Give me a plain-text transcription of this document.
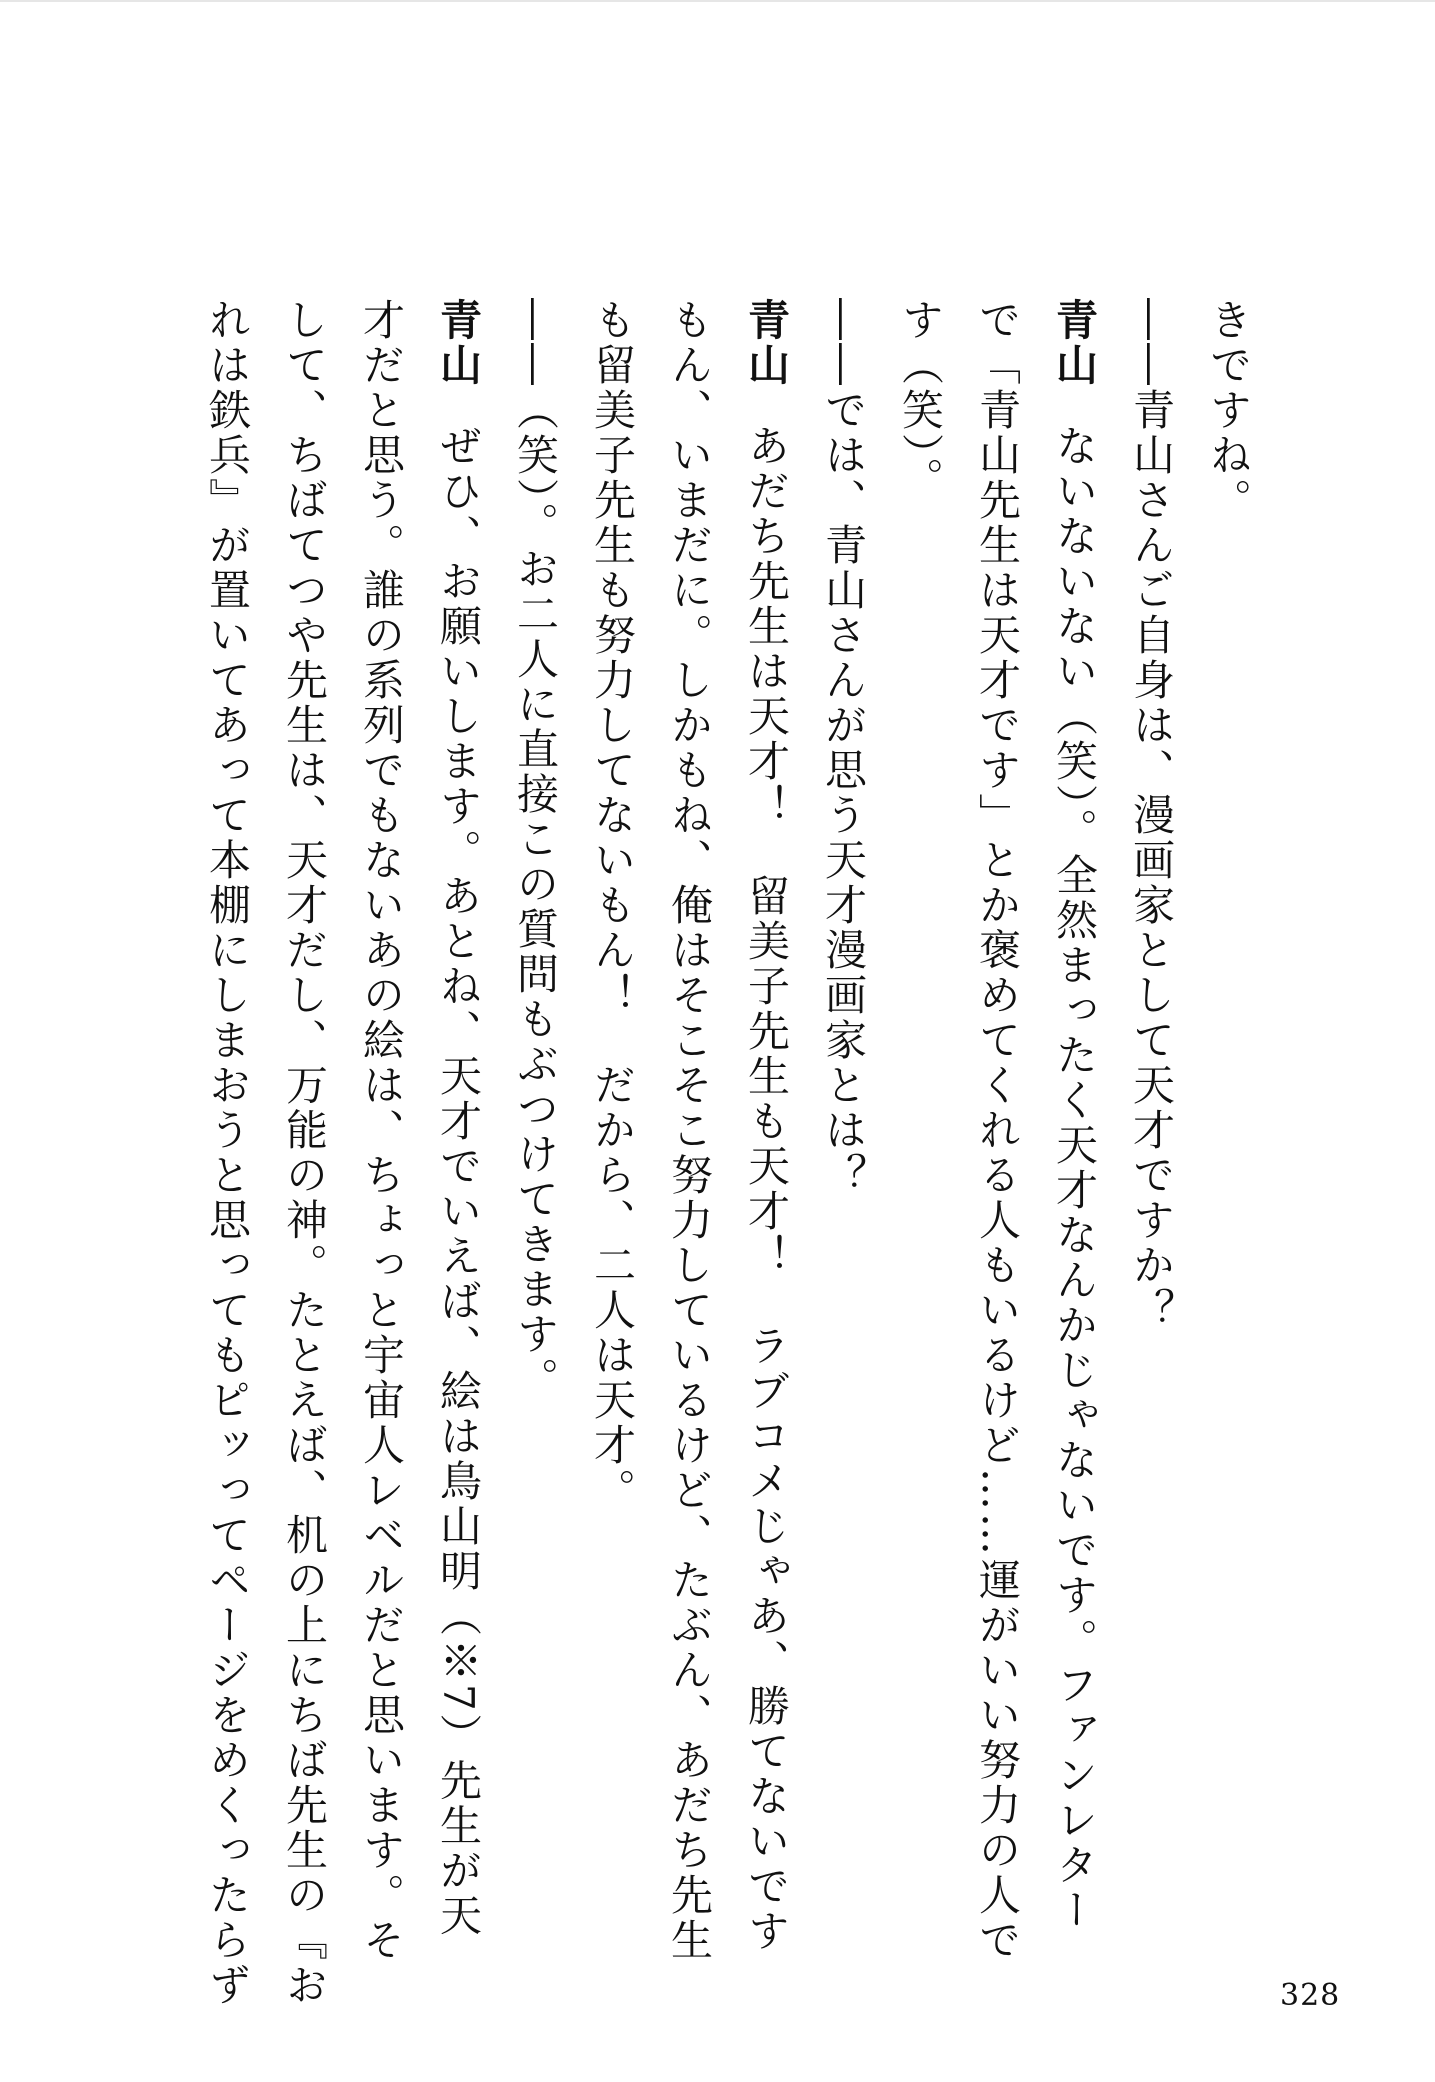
きですね。
――青山さんご自身は、漫画家として天才ですか？
青山ないないない（笑）。全然まったく天才なんかじゃないです。ファンレター
で「青山先生は天才です」とか褒めてくれる人もいるけど……運がいい努力の人で
す（笑）。
――では、青山さんが思う天才漫画家とは？
青山あだち先生は天才！　留美子先生も天才！　ラブコメじゃあ、勝てないです
もん、いまだに。しかもね、俺はそこそこ努力しているけど、たぶん、あだち先生
も留美子先生も努力してないもん！　だから、二人は天才。
――（笑）。お二人に直接この質問もぶつけてきます。
青山ぜひ、お願いします。あとね、天才でいえば、絵は鳥山明（※7）先生が天
才だと思う。誰の系列でもないあの絵は、ちょっと宇宙人レベルだと思います。そ
して、ちばてつや先生は、天才だし、万能の神。たとえば、机の上にちば先生の『お
れは鉄兵』が置いてあって本棚にしまおうと思ってもピッってページをめくったらず	328
